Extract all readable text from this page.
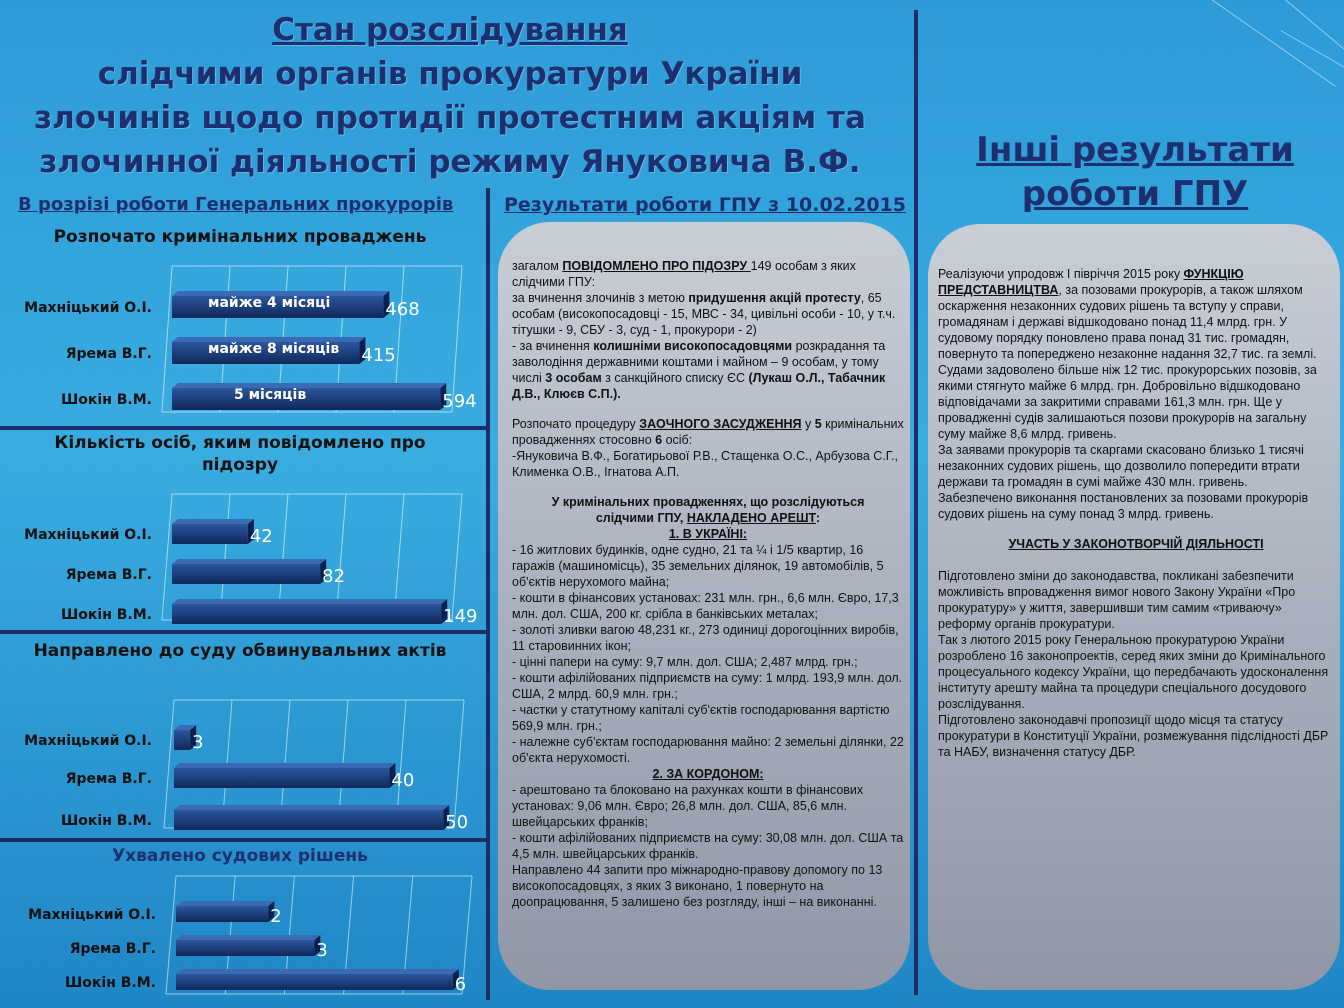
Стан розслідування
слідчими органів прокуратури України
злочинів щодо протидії протестним акціям та
злочинної діяльності режиму Януковича В.Ф.
В розрізі роботи Генеральних прокурорів	Результати роботи ГПУ з 10.02.2015
Розпочато кримінальних проваджень
Кількість осіб, яким повідомлено про підозру
Направлено до суду обвинувальних актів
Ухвалено судових рішень
Махніцький О.І.	468
майже 4 місяці
Ярема В.Г.	415
майже 8 місяців
Шокін В.М.	594
5 місяців
Махніцький О.І.	42
Ярема В.Г.	82
Шокін В.М.	149
Махніцький О.І. 3
Ярема В.Г.	40
Шокін В.М.	50
Махніцький О.І.	2
Ярема В.Г.	3
Шокін В.М.	6

загалом ПОВІДОМЛЕНО ПРО ПІДОЗРУ 149 особам з яких слідчими ГПУ:

за вчинення злочинів з метою придушення акцій протесту, 65 особам (високопосадовці - 15, МВС - 34, цивільні особи - 10, у т.ч. тітушки - 9, СБУ - 3, суд - 1, прокурори - 2)

- за вчинення колишніми високопосадовцями розкрадання та заволодіння державними коштами і майном – 9 особам, у тому числі 3 особам з санкційного списку ЄС (Лукаш О.Л., Табачник Д.В., Клюєв С.П.).

Розпочато процедуру ЗАОЧНОГО ЗАСУДЖЕННЯ у 5 кримінальних провадженнях стосовно 6 осіб:

-Януковича В.Ф., Богатирьової Р.В., Стащенка О.С., Арбузова С.Г., Клименка О.В., Ігнатова А.П.

У кримінальних провадженнях, що розслідуються слідчими ГПУ, НАКЛАДЕНО АРЕШТ:

1. В УКРАЇНІ:

- 16 житлових будинків, одне судно, 21 та ¼ і 1/5 квартир, 16 гаражів (машиномісць), 35 земельних ділянок, 19 автомобілів, 5 об'єктів нерухомого майна;

- кошти в фінансових установах: 231 млн. грн., 6,6 млн. Євро, 17,3 млн. дол. США, 200 кг. срібла в банківських металах;

- золоті зливки вагою 48,231 кг., 273 одиниці дорогоцінних виробів, 11 старовинних ікон;

- цінні папери на суму: 9,7 млн. дол. США; 2,487 млрд. грн.;

- кошти афілійованих підприємств на суму: 1 млрд. 193,9 млн. дол. США, 2 млрд. 60,9 млн. грн.;

- частки у статутному капіталі суб'єктів господарювання вартістю 569,9 млн. грн.;

- належне суб'єктам господарювання майно: 2 земельні ділянки, 22 об'єкта нерухомості.

2. ЗА КОРДОНОМ:

- арештовано та блоковано на рахунках кошти в фінансових установах: 9,06 млн. Євро; 26,8 млн. дол. США, 85,6 млн. швейцарських франків;

- кошти афілійованих підприємств на суму: 30,08 млн. дол. США та 4,5 млн. швейцарських франків.

Направлено 44 запити про міжнародно-правову допомогу по 13 високопосадовцях, з яких 3 виконано, 1 повернуто на доопрацювання, 5 залишено без розгляду, інші – на виконанні.

Інші результати
роботи ГПУ

Реалізуючи упродовж І півріччя 2015 року ФУНКЦІЮ ПРЕДСТАВНИЦТВА, за позовами прокурорів, а також шляхом оскарження незаконних судових рішень та вступу у справи, громадянам і державі відшкодовано понад 11,4 млрд. грн. У судовому порядку поновлено права понад 31 тис. громадян, повернуто та попереджено незаконне надання 32,7 тис. га землі. Судами задоволено більше ніж 12 тис. прокурорських позовів, за якими стягнуто майже 6 млрд. грн. Добровільно відшкодовано відповідачами за закритими справами 161,3 млн. грн. Ще у провадженні судів залишаються позови прокурорів на загальну суму майже 8,6 млрд. гривень.

За заявами прокурорів та скаргами скасовано близько 1 тисячі незаконних судових рішень, що дозволило попередити втрати держави та громадян в сумі майже 430 млн. гривень.

Забезпечено виконання постановлених за позовами прокурорів судових рішень на суму понад 3 млрд. гривень.

УЧАСТЬ У ЗАКОНОТВОРЧІЙ ДІЯЛЬНОСТІ

Підготовлено зміни до законодавства, покликані забезпечити можливість впровадження вимог нового Закону України «Про прокуратуру» у життя, завершивши тим самим «триваючу» реформу органів прокуратури.

Так з лютого 2015 року Генеральною прокуратурою України розроблено 16 законопроектів, серед яких зміни до Кримінального процесуального кодексу України, що передбачають удосконалення інституту арешту майна та процедури спеціального досудового розслідування.

Підготовлено законодавчі пропозиції щодо місця та статусу прокуратури в Конституції України, розмежування підслідності ДБР та НАБУ, визначення статусу ДБР.
